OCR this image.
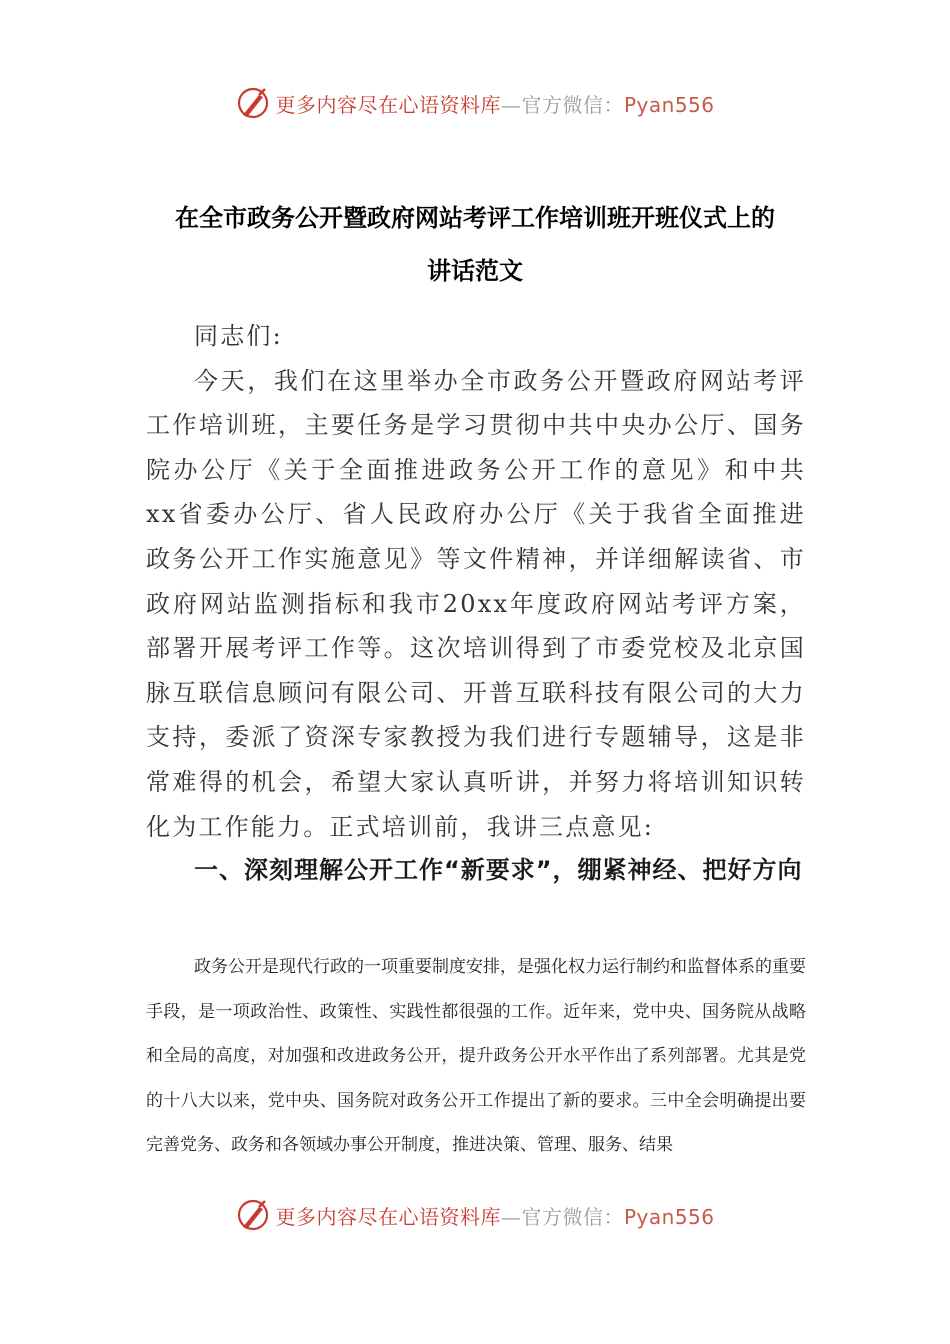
更多内容尽在心语资料库—官方微信：Pyan556
在全市政务公开暨政府网站考评工作培训班开班仪式上的
讲话范文

同志们:

今天，我们在这里举办全市政务公开暨政府网站考评工作培训班，主要任务是学习贯彻中共中央办公厅、国务院办公厅《关于全面推进政务公开工作的意见》和中共xx省委办公厅、省人民政府办公厅《关于我省全面推进政务公开工作实施意见》等文件精神，并详细解读省、市政府网站监测指标和我市20xx年度政府网站考评方案，部署开展考评工作等。这次培训得到了市委党校及北京国脉互联信息顾问有限公司、开普互联科技有限公司的大力支持，委派了资深专家教授为我们进行专题辅导，这是非常难得的机会，希望大家认真听讲，并努力将培训知识转化为工作能力。正式培训前，我讲三点意见:

一、深刻理解公开工作“新要求”，绷紧神经、把好方向
政务公开是现代行政的一项重要制度安排，是强化权力运行制约和监督体系的重要手段，是一项政治性、政策性、实践性都很强的工作。近年来，党中央、国务院从战略和全局的高度，对加强和改进政务公开，提升政务公开水平作出了系列部署。尤其是党的十八大以来，党中央、国务院对政务公开工作提出了新的要求。三中全会明确提出要完善党务、政务和各领域办事公开制度，推进决策、管理、服务、结果
更多内容尽在心语资料库—官方微信：Pyan556
